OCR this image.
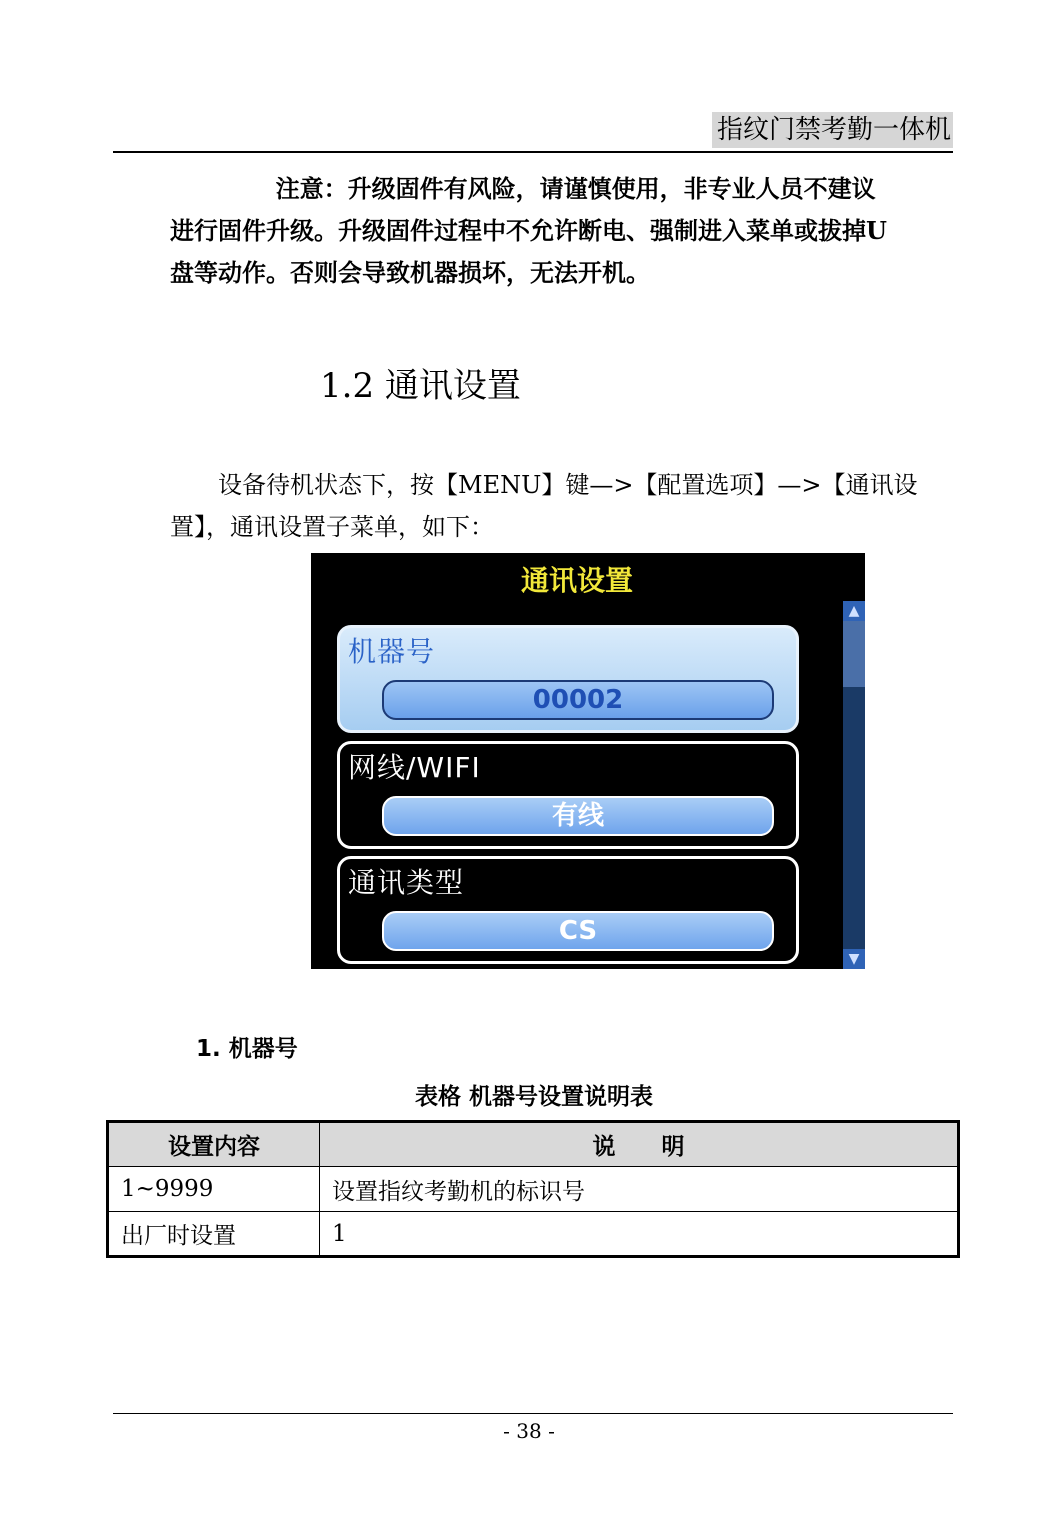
指纹门禁考勤一体机

注意：升级固件有风险，请谨慎使用，非专业人员不建议

进行固件升级。升级固件过程中不允许断电、强制进入菜单或拔掉U

盘等动作。否则会导致机器损坏，无法开机。

1.2 通讯设置

设备待机状态下，按【MENU】键—>【配置选项】—>【通讯设置】，通讯设置子菜单，如下：

通讯设置
▲
▼
机器号
00002
网线/WIFI
有线
通讯类型
CS
1. 机器号
表格 机器号设置说明表
设置内容	说　　明
1~9999	设置指纹考勤机的标识号
出厂时设置	1
- 38 -
